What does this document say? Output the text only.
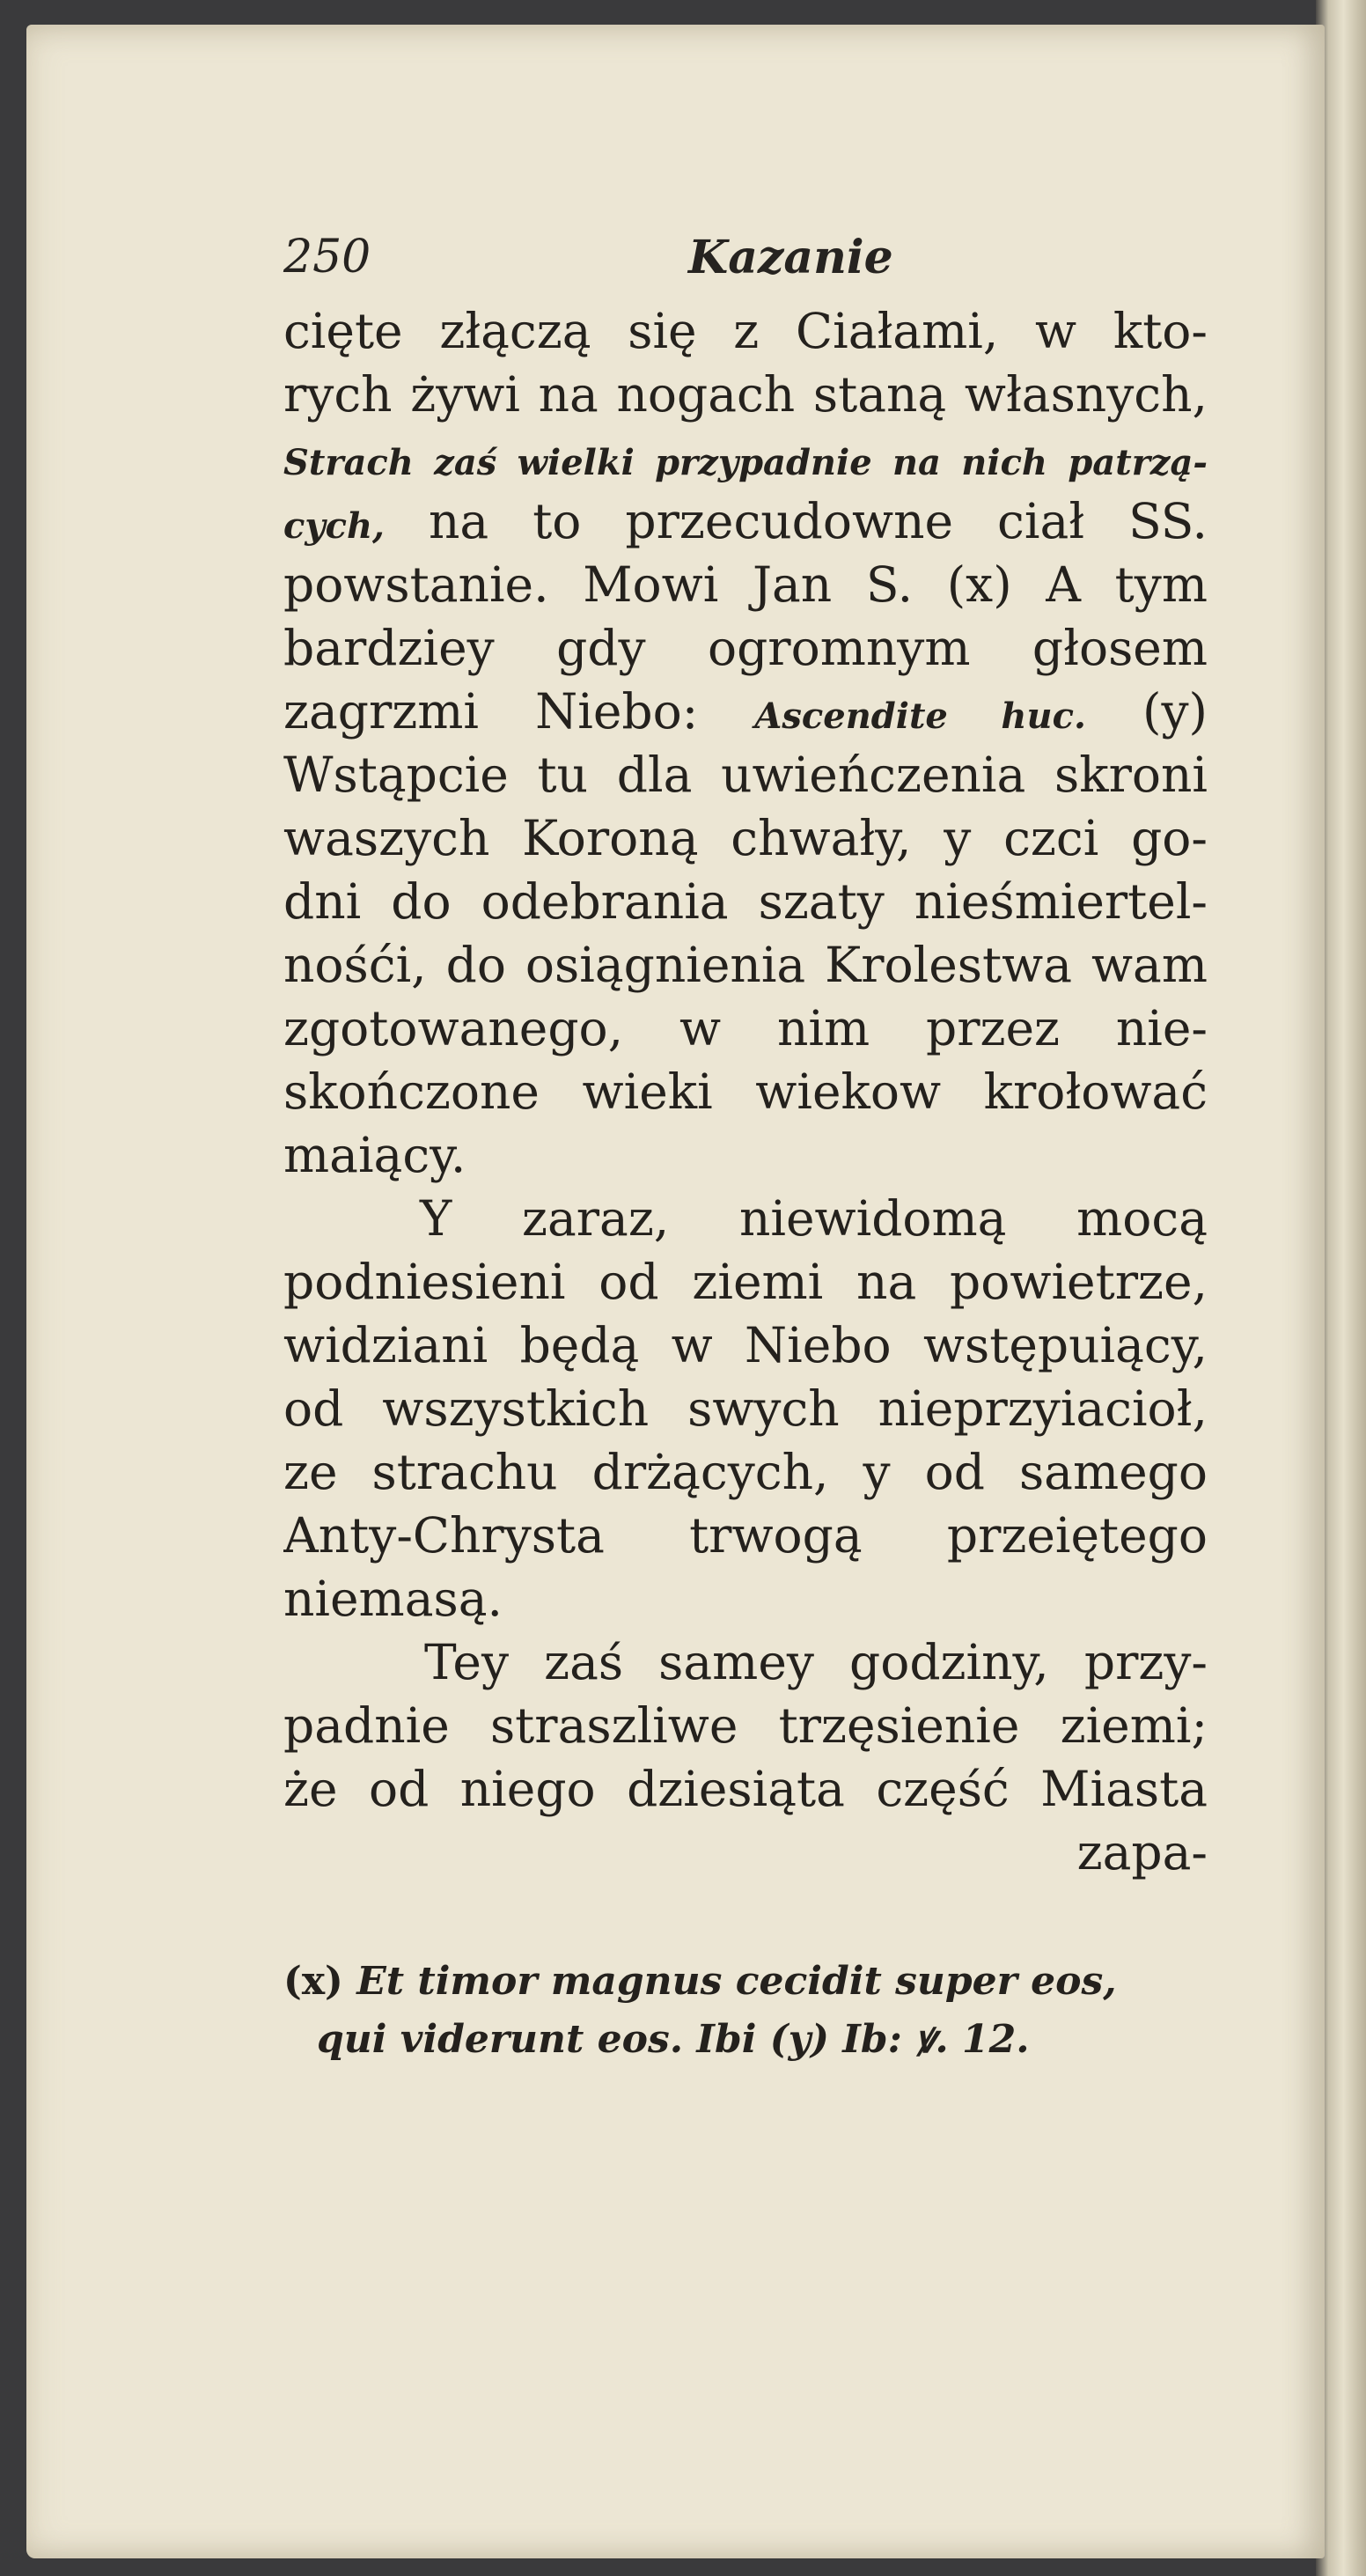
250	Kazanie
cięte złączą się z Ciałami, w kto-
rych żywi na nogach staną własnych,
Strach zaś wielki przypadnie na nich patrzą-
cych, na to przecudowne ciał SS.
powstanie. Mowi Jan S. (x) A tym
bardziey gdy ogromnym głosem
zagrzmi Niebo: Ascendite huc. (y)
Wstąpcie tu dla uwieńczenia skroni
waszych Koroną chwały, y czci go-
dni do odebrania szaty nieśmiertel-
nośći, do osiągnienia Krolestwa wam
zgotowanego, w nim przez nie-
skończone wieki wiekow krołować
maiący.
Y zaraz, niewidomą mocą
podniesieni od ziemi na powietrze,
widziani będą w Niebo wstępuiący,
od wszystkich swych nieprzyiacioł,
ze strachu drżących, y od samego
Anty-Chrysta trwogą przeiętego
niemasą.
Tey zaś samey godziny, przy-
padnie straszliwe trzęsienie ziemi;
że od niego dziesiąta część Miasta
zapa-
(x) Et timor magnus cecidit super eos,
qui viderunt eos. Ibi (y) Ib: ꝟ. 12.
